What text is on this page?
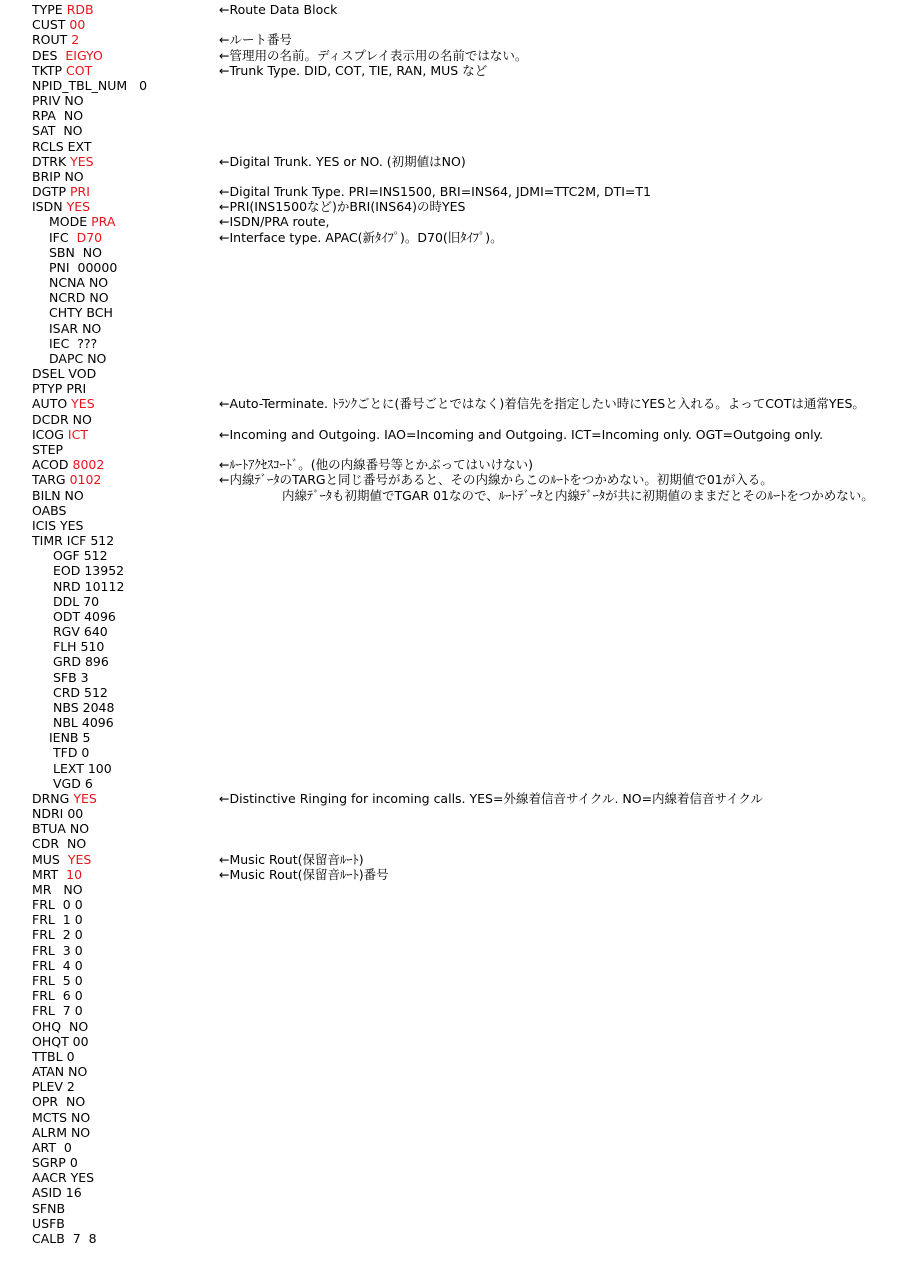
TYPE RDB	←Route Data Block
CUST 00
ROUT 2	←ルート番号
DES  EIGYO	←管理用の名前。ディスプレイ表示用の名前ではない。
TKTP COT	←Trunk Type. DID, COT, TIE, RAN, MUS など
NPID_TBL_NUM   0
PRIV NO
RPA  NO
SAT  NO
RCLS EXT
DTRK YES	←Digital Trunk. YES or NO. (初期値はNO)
BRIP NO
DGTP PRI	←Digital Trunk Type. PRI=INS1500, BRI=INS64, JDMI=TTC2M, DTI=T1
ISDN YES	←PRI(INS1500など)かBRI(INS64)の時YES
MODE PRA	←ISDN/PRA route,
IFC  D70	←Interface type. APAC(新ﾀｲﾌﾟ)。D70(旧ﾀｲﾌﾟ)。
SBN  NO
PNI  00000
NCNA NO
NCRD NO
CHTY BCH
ISAR NO
IEC  ???
DAPC NO
DSEL VOD
PTYP PRI
AUTO YES	←Auto-Terminate. ﾄﾗﾝｸごとに(番号ごとではなく)着信先を指定したい時にYESと入れる。よってCOTは通常YES。
DCDR NO
ICOG ICT	←Incoming and Outgoing. IAO=Incoming and Outgoing. ICT=Incoming only. OGT=Outgoing only.
STEP
ACOD 8002	←ﾙｰﾄｱｸｾｽｺｰﾄﾞ。(他の内線番号等とかぶってはいけない)
TARG 0102	←内線ﾃﾞｰﾀのTARGと同じ番号があると、その内線からこのﾙｰﾄをつかめない。初期値で01が入る。
BILN NO	内線ﾃﾞｰﾀも初期値でTGAR 01なので、ﾙｰﾄﾃﾞｰﾀと内線ﾃﾞｰﾀが共に初期値のままだとそのﾙｰﾄをつかめない。
OABS
ICIS YES
TIMR ICF 512
OGF 512
EOD 13952
NRD 10112
DDL 70
ODT 4096
RGV 640
FLH 510
GRD 896
SFB 3
CRD 512
NBS 2048
NBL 4096
IENB 5
TFD 0
LEXT 100
VGD 6
DRNG YES	←Distinctive Ringing for incoming calls. YES=外線着信音サイクル. NO=内線着信音サイクル
NDRI 00
BTUA NO
CDR  NO
MUS  YES	←Music Rout(保留音ﾙｰﾄ)
MRT  10	←Music Rout(保留音ﾙｰﾄ)番号
MR   NO
FRL  0 0
FRL  1 0
FRL  2 0
FRL  3 0
FRL  4 0
FRL  5 0
FRL  6 0
FRL  7 0
OHQ  NO
OHQT 00
TTBL 0
ATAN NO
PLEV 2
OPR  NO
MCTS NO
ALRM NO
ART  0
SGRP 0
AACR YES
ASID 16
SFNB
USFB
CALB  7  8
